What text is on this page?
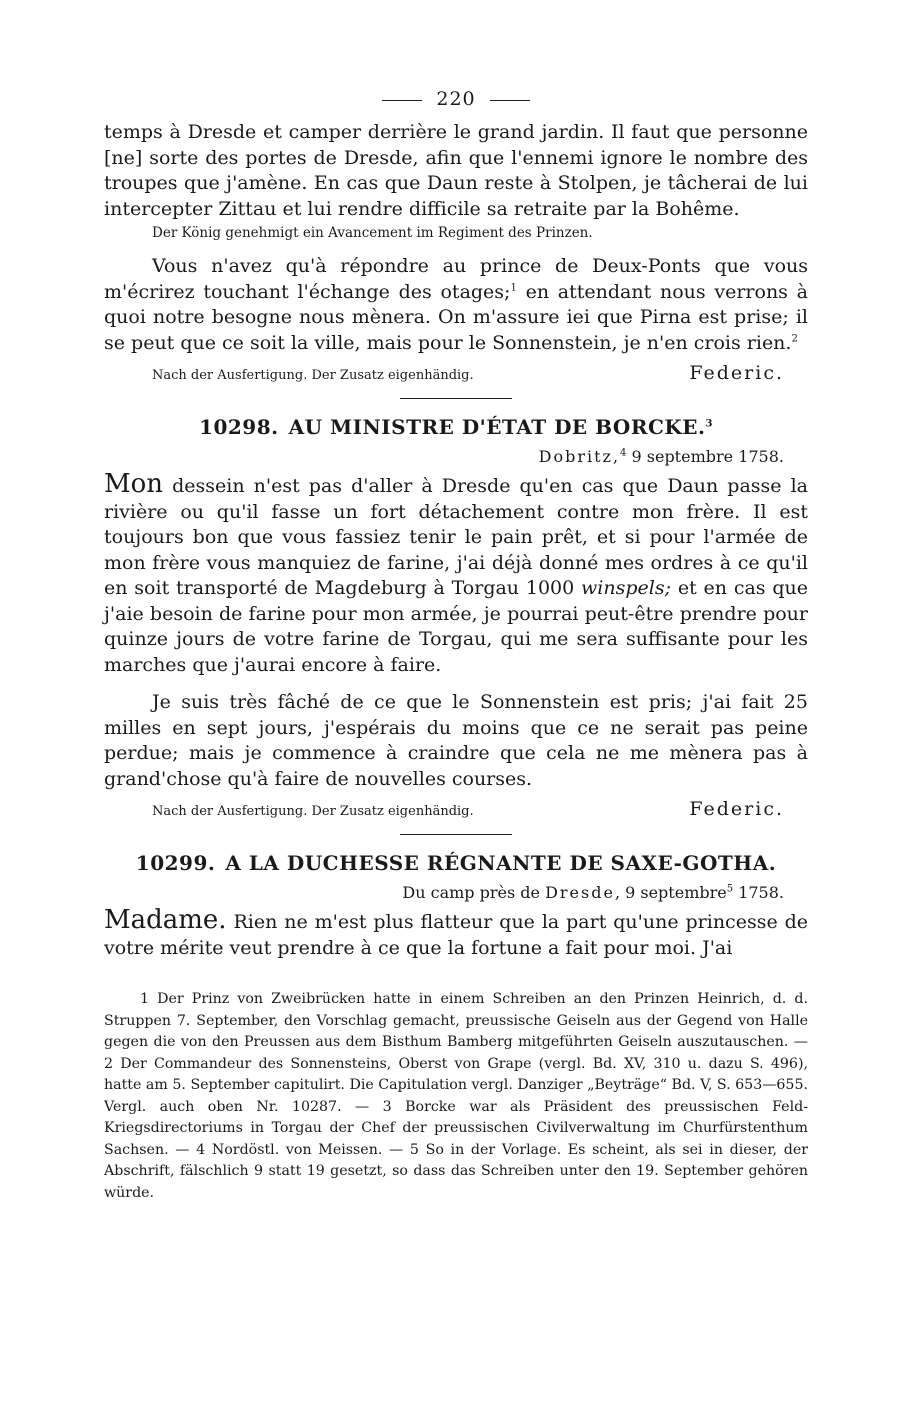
220

temps à Dresde et camper derrière le grand jardin. Il faut que personne [ne] sorte des portes de Dresde, afin que l'ennemi ignore le nombre des troupes que j'amène. En cas que Daun reste à Stolpen, je tâcherai de lui intercepter Zittau et lui rendre difficile sa retraite par la Bohême.

Der König genehmigt ein Avancement im Regiment des Prinzen.

Vous n'avez qu'à répondre au prince de Deux-Ponts que vous m'écrirez touchant l'échange des otages;$^1$ en attendant nous verrons à quoi notre besogne nous mènera. On m'assure iei que Pirna est prise; il se peut que ce soit la ville, mais pour le Sonnenstein, je n'en crois rien.$^2$

Nach der Ausfertigung. Der Zusatz eigenhändig.	Federic.
10298. AU MINISTRE D'ÉTAT DE BORCKE.$^3$
Dobritz,$^4$ 9 septembre 1758.

Mon dessein n'est pas d'aller à Dresde qu'en cas que Daun passe la rivière ou qu'il fasse un fort détachement contre mon frère. Il est toujours bon que vous fassiez tenir le pain prêt, et si pour l'armée de mon frère vous manquiez de farine, j'ai déjà donné mes ordres à ce qu'il en soit transporté de Magdeburg à Torgau 1000 winspels; et en cas que j'aie besoin de farine pour mon armée, je pourrai peut-être prendre pour quinze jours de votre farine de Torgau, qui me sera suffisante pour les marches que j'aurai encore à faire.

Je suis très fâché de ce que le Sonnenstein est pris; j'ai fait 25 milles en sept jours, j'espérais du moins que ce ne serait pas peine perdue; mais je commence à craindre que cela ne me mènera pas à grand'chose qu'à faire de nouvelles courses.

Nach der Ausfertigung. Der Zusatz eigenhändig.	Federic.
10299. A LA DUCHESSE RÉGNANTE DE SAXE-GOTHA.
Du camp près de Dresde, 9 septembre$^5$ 1758.

Madame. Rien ne m'est plus flatteur que la part qu'une princesse de votre mérite veut prendre à ce que la fortune a fait pour moi. J'ai

1 Der Prinz von Zweibrücken hatte in einem Schreiben an den Prinzen Heinrich, d. d. Struppen 7. September, den Vorschlag gemacht, preussische Geiseln aus der Gegend von Halle gegen die von den Preussen aus dem Bisthum Bamberg mitgeführten Geiseln auszutauschen. — 2 Der Commandeur des Sonnensteins, Oberst von Grape (vergl. Bd. XV, 310 u. dazu S. 496), hatte am 5. September capitulirt. Die Capitulation vergl. Danziger „Beyträge“ Bd. V, S. 653—655. Vergl. auch oben Nr. 10287. — 3 Borcke war als Präsident des preussischen Feld-Kriegsdirectoriums in Torgau der Chef der preussischen Civilverwaltung im Churfürstenthum Sachsen. — 4 Nordöstl. von Meissen. — 5 So in der Vorlage. Es scheint, als sei in dieser, der Abschrift, fälschlich 9 statt 19 gesetzt, so dass das Schreiben unter den 19. September gehören würde.
